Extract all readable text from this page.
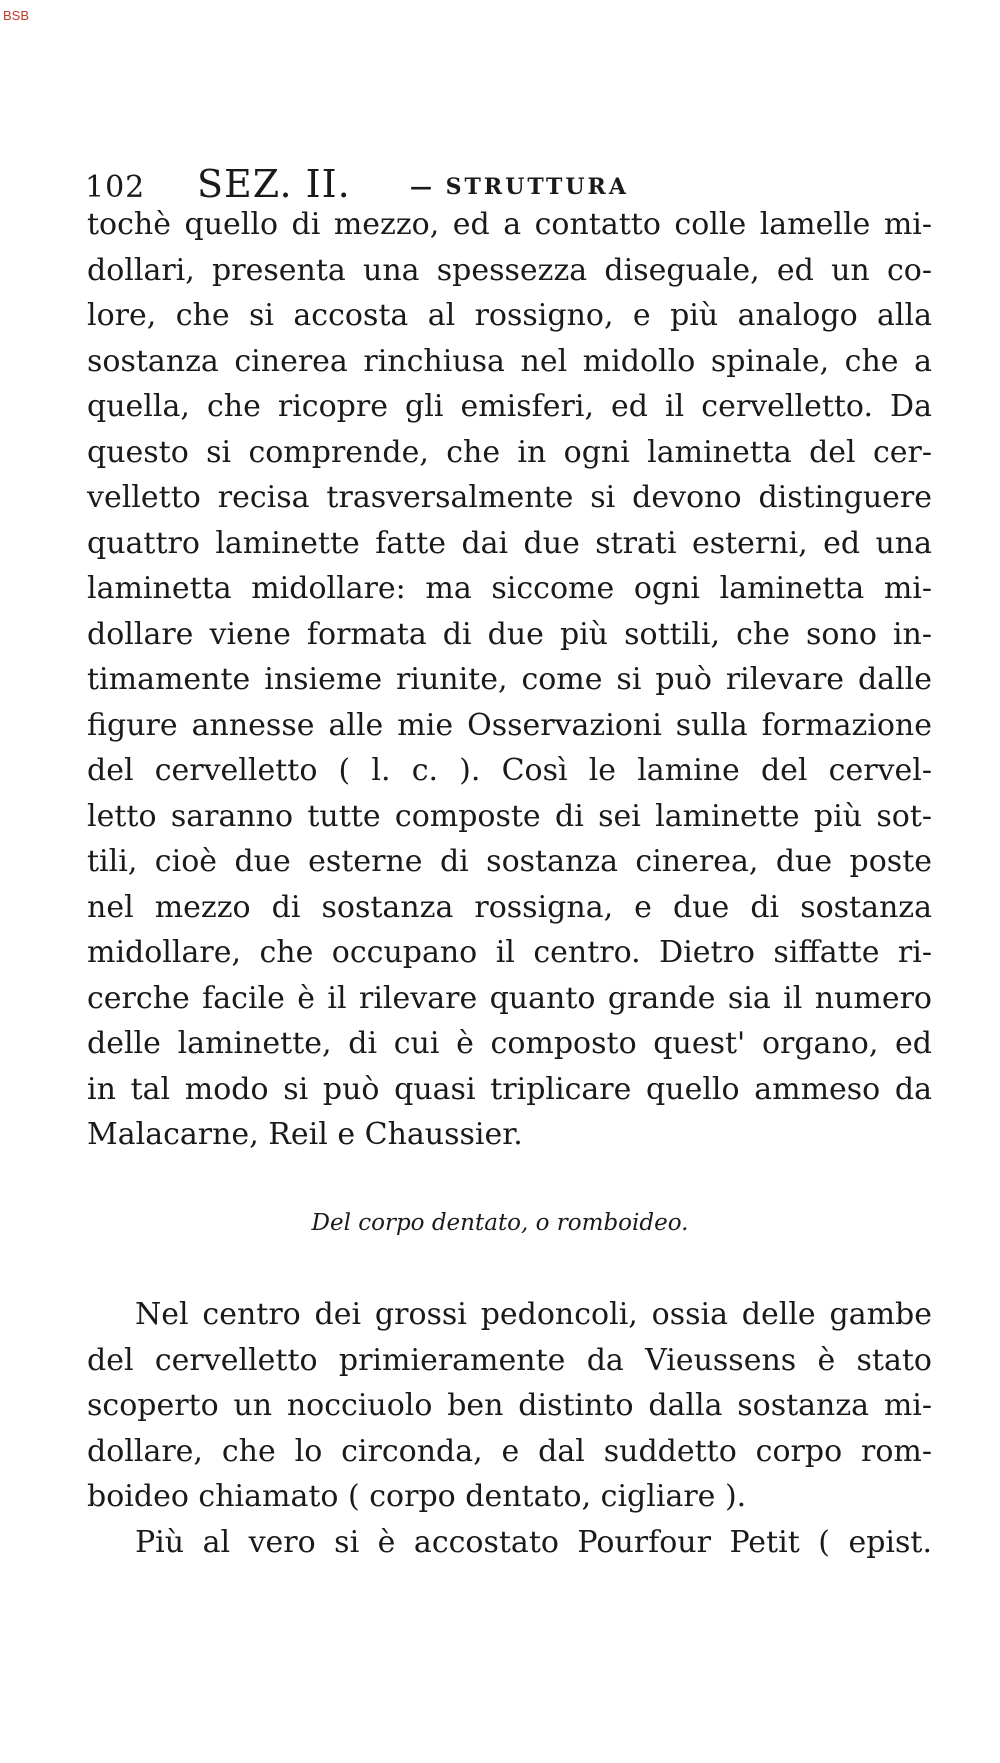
BSB
102 SEZ. II.	— STRUTTURA
tochè quello di mezzo, ed a contatto colle lamelle mi-
dollari, presenta una spessezza diseguale, ed un co-
lore, che si accosta al rossigno, e più analogo alla
sostanza cinerea rinchiusa nel midollo spinale, che a
quella, che ricopre gli emisferi, ed il cervelletto. Da
questo si comprende, che in ogni laminetta del cer-
velletto recisa trasversalmente si devono distinguere
quattro laminette fatte dai due strati esterni, ed una
laminetta midollare: ma siccome ogni laminetta mi-
dollare viene formata di due più sottili, che sono in-
timamente insieme riunite, come si può rilevare dalle
figure annesse alle mie Osservazioni sulla formazione
del cervelletto ( l. c. ). Così le lamine del cervel-
letto saranno tutte composte di sei laminette più sot-
tili, cioè due esterne di sostanza cinerea, due poste
nel mezzo di sostanza rossigna, e due di sostanza
midollare, che occupano il centro. Dietro siffatte ri-
cerche facile è il rilevare quanto grande sia il numero
delle laminette, di cui è composto quest' organo, ed
in tal modo si può quasi triplicare quello ammeso da
Malacarne, Reil e Chaussier.
Del corpo dentato, o romboideo.
Nel centro dei grossi pedoncoli, ossia delle gambe
del cervelletto primieramente da Vieussens è stato
scoperto un nocciuolo ben distinto dalla sostanza mi-
dollare, che lo circonda, e dal suddetto corpo rom-
boideo chiamato ( corpo dentato, cigliare ).
Più al vero si è accostato Pourfour Petit ( epist.
